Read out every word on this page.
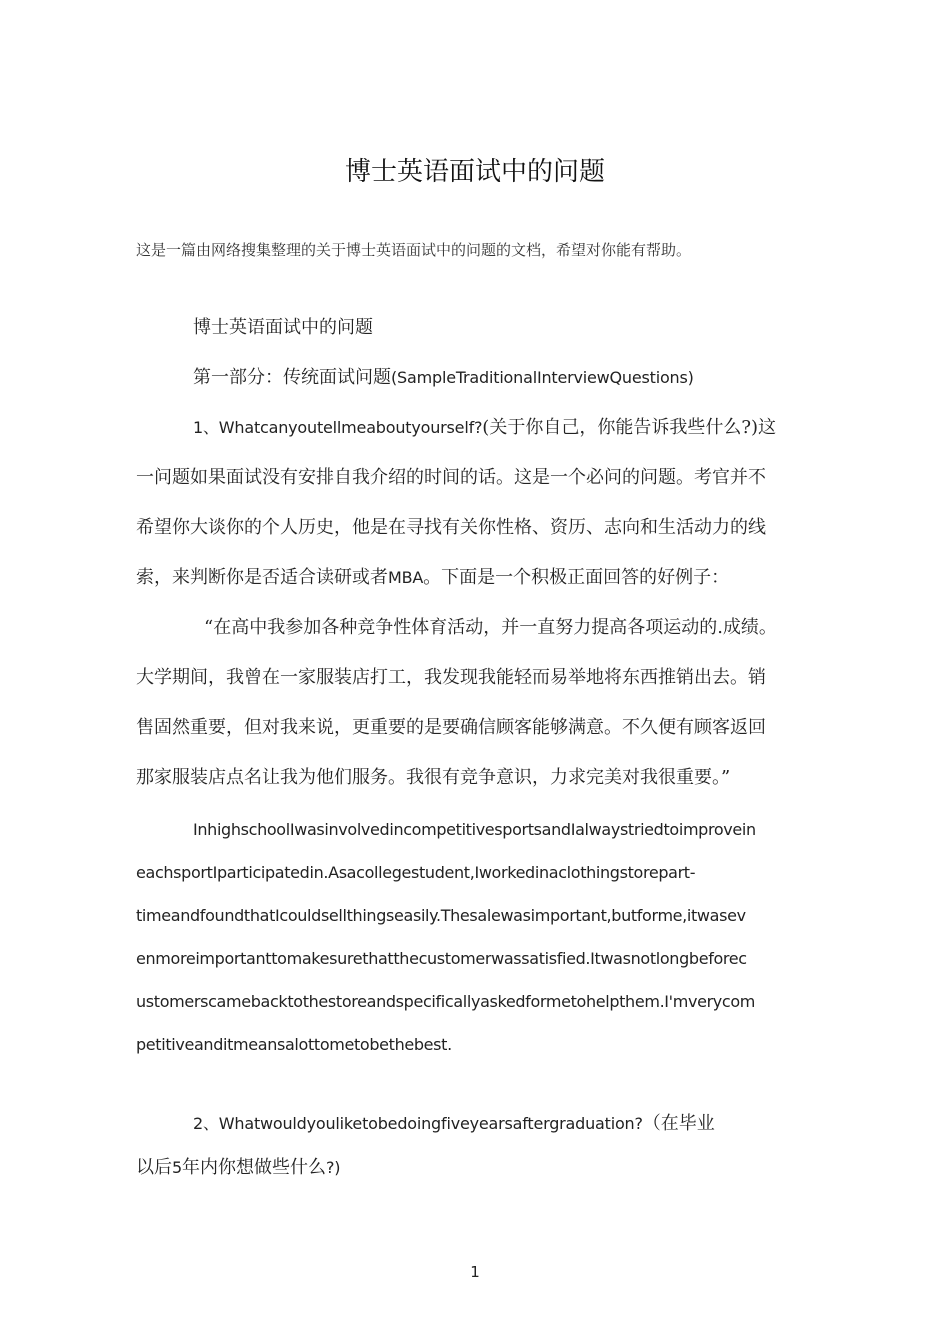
博士英语面试中的问题

这是一篇由网络搜集整理的关于博士英语面试中的问题的文档，希望对你能有帮助。

博士英语面试中的问题

第一部分：传统面试问题(SampleTraditionalInterviewQuestions)

1、Whatcanyoutellmeaboutyourself?(关于你自己，你能告诉我些什么?)这

一问题如果面试没有安排自我介绍的时间的话。这是一个必问的问题。考官并不

希望你大谈你的个人历史，他是在寻找有关你性格、资历、志向和生活动力的线

索，来判断你是否适合读研或者MBA。下面是一个积极正面回答的好例子：

“在高中我参加各种竞争性体育活动，并一直努力提高各项运动的.成绩。

大学期间，我曾在一家服装店打工，我发现我能轻而易举地将东西推销出去。销

售固然重要，但对我来说，更重要的是要确信顾客能够满意。不久便有顾客返回

那家服装店点名让我为他们服务。我很有竞争意识，力求完美对我很重要。”

InhighschoolIwasinvolvedincompetitivesportsandIalwaystriedtoimprovein

eachsportIparticipatedin.Asacollegestudent,Iworkedinaclothingstorepart-

timeandfoundthatIcouldsellthingseasily.Thesalewasimportant,butforme,itwasev

enmoreimportanttomakesurethatthecustomerwassatisfied.Itwasnotlongbeforec

ustomerscamebacktothestoreandspecificallyaskedformetohelpthem.I'mverycom

petitiveanditmeansalottometobethebest.

2、Whatwouldyouliketobedoingfiveyearsaftergraduation?（在毕业

以后5年内你想做些什么?)

1
